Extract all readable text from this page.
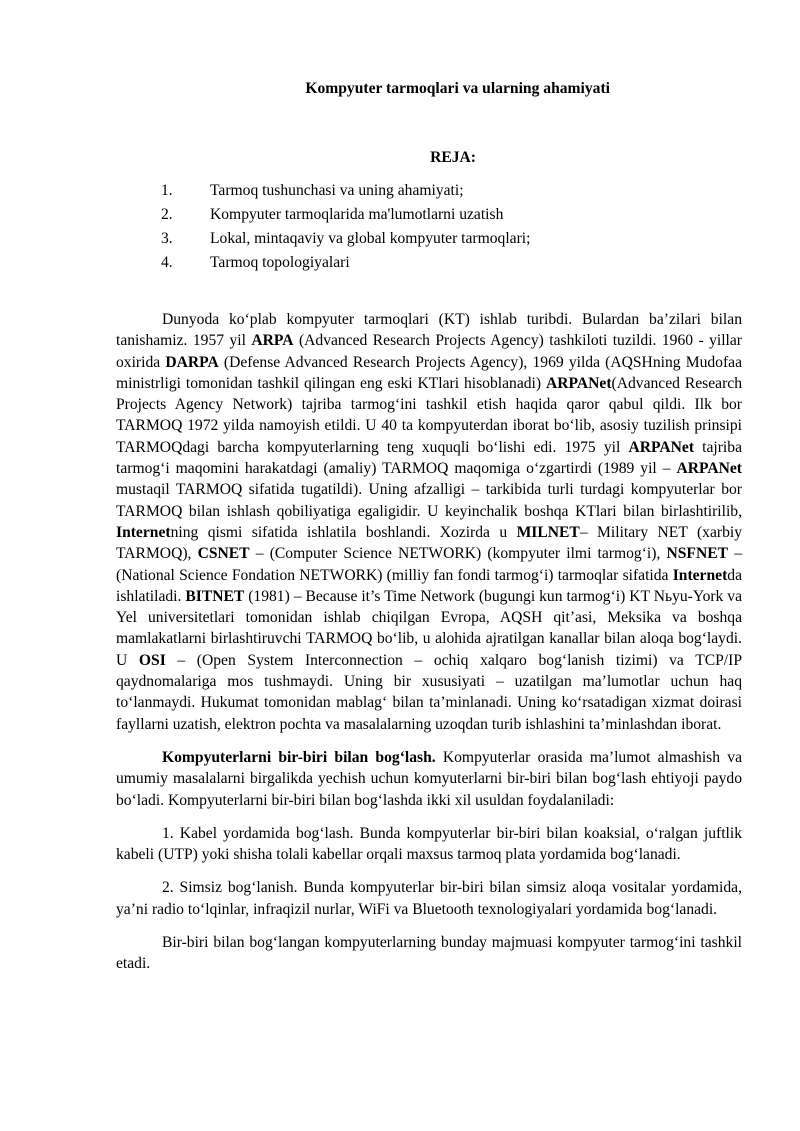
Kompyuter tarmoqlari va ularning ahamiyati
REJA:
1. Tarmoq tushunchasi va uning ahamiyati;
2. Kompyuter tarmoqlarida ma'lumotlarni uzatish
3. Lokal, mintaqaviy va global kompyuter tarmoqlari;
4. Tarmoq topologiyalari

Dunyoda ko‘plab kompyuter tarmoqlari (KT) ishlab turibdi. Bulardan ba’zilari bilan tanishamiz. 1957 yil ARPA (Advanced Research Projects Agency) tashkiloti tuzildi. 1960 - yillar oxirida DARPA (Defense Advanced Research Projects Agency), 1969 yilda (AQSHning Mudofaa ministrligi tomonidan tashkil qilingan eng eski KTlari hisoblanadi) ARPANet(Advanced Research Projects Agency Network) tajriba tarmog‘ini tashkil etish haqida qaror qabul qildi. Ilk bor TARMOQ 1972 yilda namoyish etildi. U 40 ta kompyuterdan iborat bo‘lib, asosiy tuzilish prinsipi TARMOQdagi barcha kompyuterlarning teng xuquqli bo‘lishi edi. 1975 yil ARPANet tajriba tarmog‘i maqomini harakatdagi (amaliy) TARMOQ maqomiga o‘zgartirdi (1989 yil – ARPANet mustaqil TARMOQ sifatida tugatildi). Uning afzalligi – tarkibida turli turdagi kompyuterlar bor TARMOQ bilan ishlash qobiliyatiga egaligidir. U keyinchalik boshqa KTlari bilan birlashtirilib, Internetning qismi sifatida ishlatila boshlandi. Xozirda u MILNET– Military NET (xarbiy TARMOQ), CSNET – (Computer Science NETWORK) (kompyuter ilmi tarmog‘i), NSFNET – (National Science Fondation NETWORK) (milliy fan fondi tarmog‘i) tarmoqlar sifatida Internetda ishlatiladi. BITNET (1981) – Because it’s Time Network (bugungi kun tarmog‘i) KT Nьyu-York va Yel universitetlari tomonidan ishlab chiqilgan Evropa, AQSH qit’asi, Meksika va boshqa mamlakatlarni birlashtiruvchi TARMOQ bo‘lib, u alohida ajratilgan kanallar bilan aloqa bog‘laydi. U OSI – (Open System Interconnection – ochiq xalqaro bog‘lanish tizimi) va TCP/IP qaydnomalariga mos tushmaydi. Uning bir xususiyati – uzatilgan ma’lumotlar uchun haq to‘lanmaydi. Hukumat tomonidan mablag‘ bilan ta’minlanadi. Uning ko‘rsatadigan xizmat doirasi fayllarni uzatish, elektron pochta va masalalarning uzoqdan turib ishlashini ta’minlashdan iborat.

Kompyuterlarni bir-biri bilan bog‘lash. Kompyuterlar orasida ma’lumot almashish va umumiy masalalarni birgalikda yechish uchun komyuterlarni bir-biri bilan bog‘lash ehtiyoji paydo bo‘ladi. Kompyuterlarni bir-biri bilan bog‘lashda ikki xil usuldan foydalaniladi:

1. Kabel yordamida bog‘lash. Bunda kompyuterlar bir-biri bilan koaksial, o‘ralgan juftlik kabeli (UTP) yoki shisha tolali kabellar orqali maxsus tarmoq plata yordamida bog‘lanadi.

2. Simsiz bog‘lanish. Bunda kompyuterlar bir-biri bilan simsiz aloqa vositalar yordamida, ya’ni radio to‘lqinlar, infraqizil nurlar, WiFi va Bluetooth texnologiyalari yordamida bog‘lanadi.

Bir-biri bilan bog‘langan kompyuterlarning bunday majmuasi kompyuter tarmog‘ini tashkil etadi.
